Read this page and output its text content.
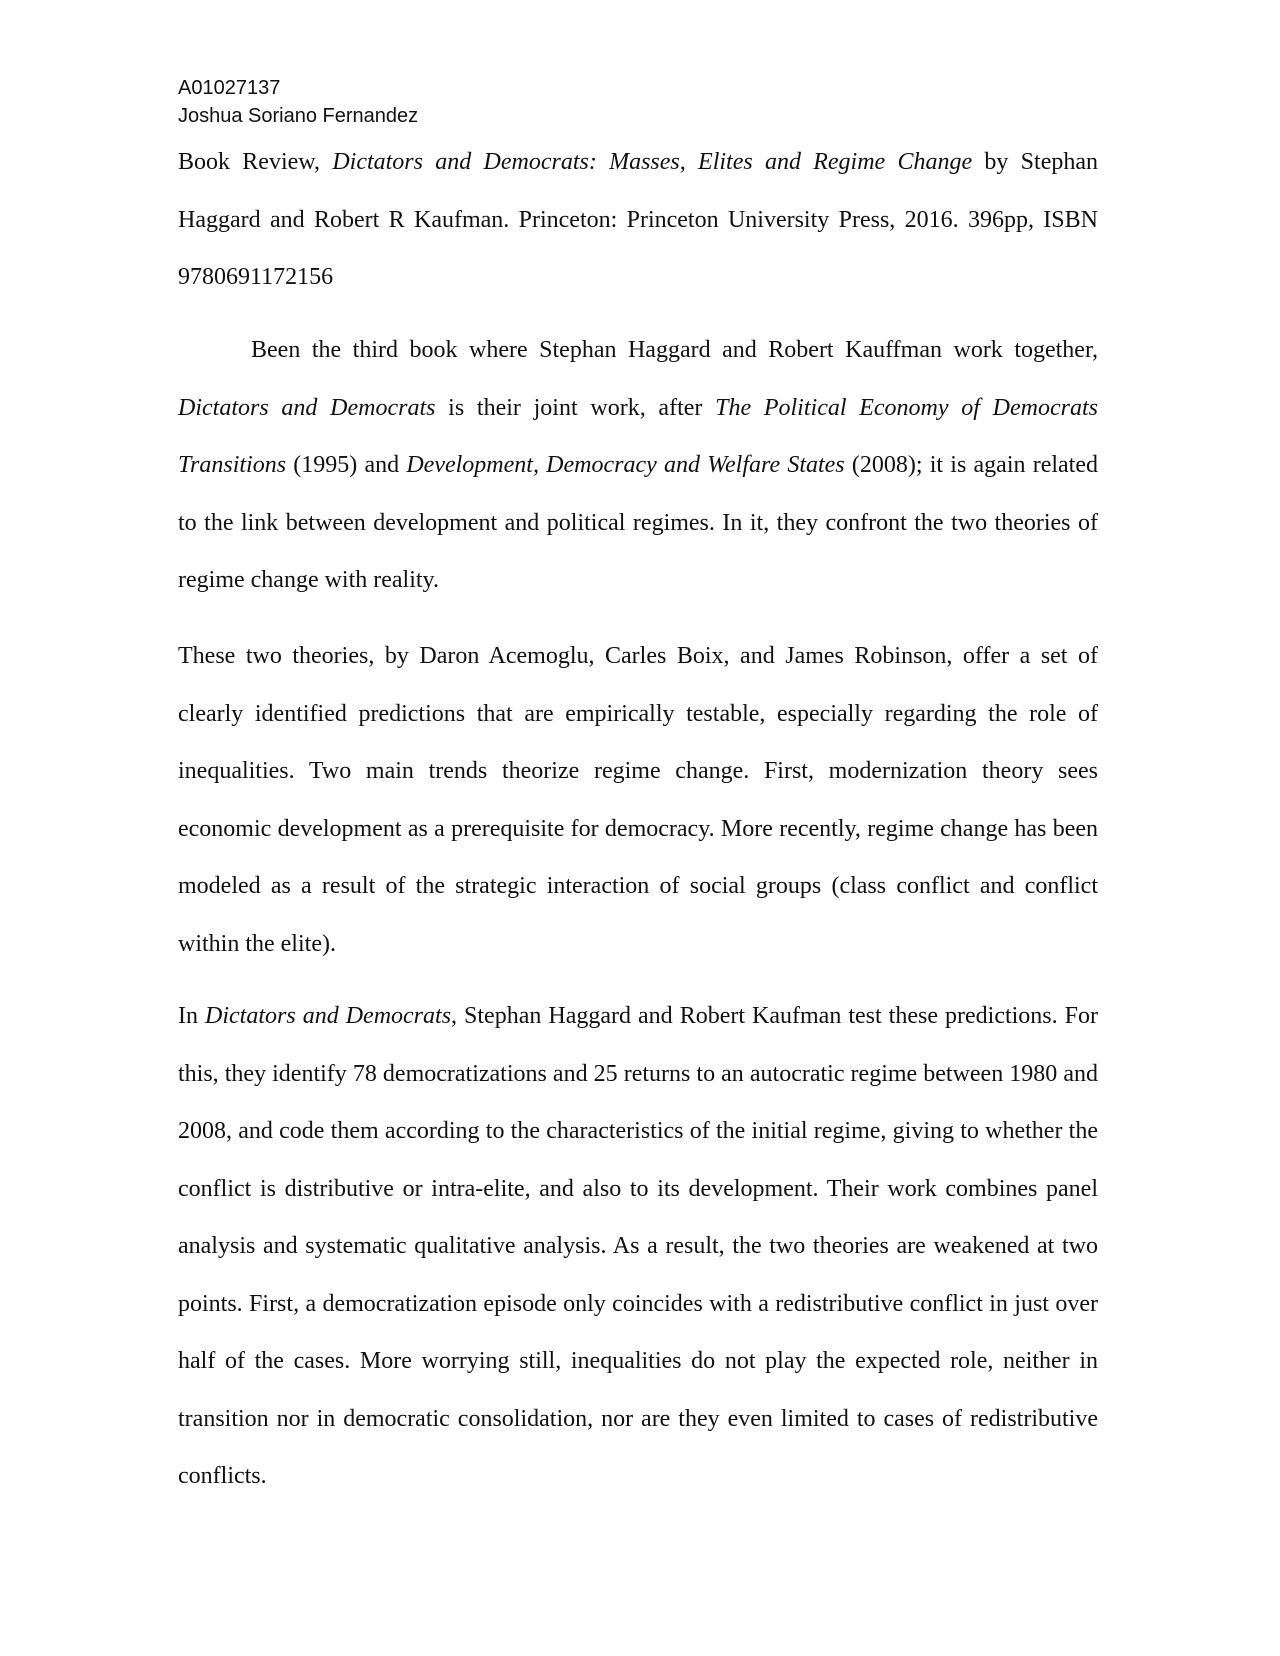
A01027137
Joshua Soriano Fernandez

Book Review, Dictators and Democrats: Masses, Elites and Regime Change by Stephan Haggard and Robert R Kaufman. Princeton: Princeton University Press, 2016. 396pp, ISBN 9780691172156

Been the third book where Stephan Haggard and Robert Kauffman work together, Dictators and Democrats is their joint work, after The Political Economy of Democrats Transitions (1995) and Development, Democracy and Welfare States (2008); it is again related to the link between development and political regimes. In it, they confront the two theories of regime change with reality.

These two theories, by Daron Acemoglu, Carles Boix, and James Robinson, offer a set of clearly identified predictions that are empirically testable, especially regarding the role of inequalities. Two main trends theorize regime change. First, modernization theory sees economic development as a prerequisite for democracy. More recently, regime change has been modeled as a result of the strategic interaction of social groups (class conflict and conflict within the elite).

In Dictators and Democrats, Stephan Haggard and Robert Kaufman test these predictions. For this, they identify 78 democratizations and 25 returns to an autocratic regime between 1980 and 2008, and code them according to the characteristics of the initial regime, giving to whether the conflict is distributive or intra-elite, and also to its development. Their work combines panel analysis and systematic qualitative analysis. As a result, the two theories are weakened at two points. First, a democratization episode only coincides with a redistributive conflict in just over half of the cases. More worrying still, inequalities do not play the expected role, neither in transition nor in democratic consolidation, nor are they even limited to cases of redistributive conflicts.
